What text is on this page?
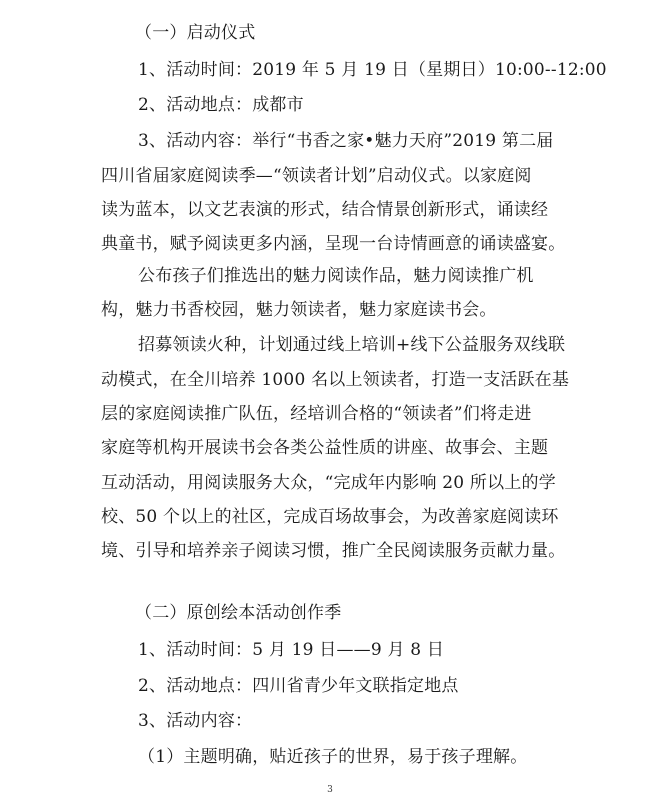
（一）启动仪式
1、活动时间：2019 年 5 月 19 日（星期日）10:00--12:00
2、活动地点：成都市
3、活动内容：举行“书香之家•魅力天府”2019 第二届
四川省届家庭阅读季—“领读者计划”启动仪式。以家庭阅
读为蓝本，以文艺表演的形式，结合情景创新形式，诵读经
典童书，赋予阅读更多内涵，呈现一台诗情画意的诵读盛宴。
公布孩子们推选出的魅力阅读作品，魅力阅读推广机
构，魅力书香校园，魅力领读者，魅力家庭读书会。
招募领读火种，计划通过线上培训+线下公益服务双线联
动模式，在全川培养 1000 名以上领读者，打造一支活跃在基
层的家庭阅读推广队伍，经培训合格的“领读者”们将走进
家庭等机构开展读书会各类公益性质的讲座、故事会、主题
互动活动，用阅读服务大众，“完成年内影响 20 所以上的学
校、50 个以上的社区，完成百场故事会，为改善家庭阅读环
境、引导和培养亲子阅读习惯，推广全民阅读服务贡献力量。
（二）原创绘本活动创作季
1、活动时间：5 月 19 日——9 月 8 日
2、活动地点：四川省青少年文联指定地点
3、活动内容：
（1）主题明确，贴近孩子的世界，易于孩子理解。
3
